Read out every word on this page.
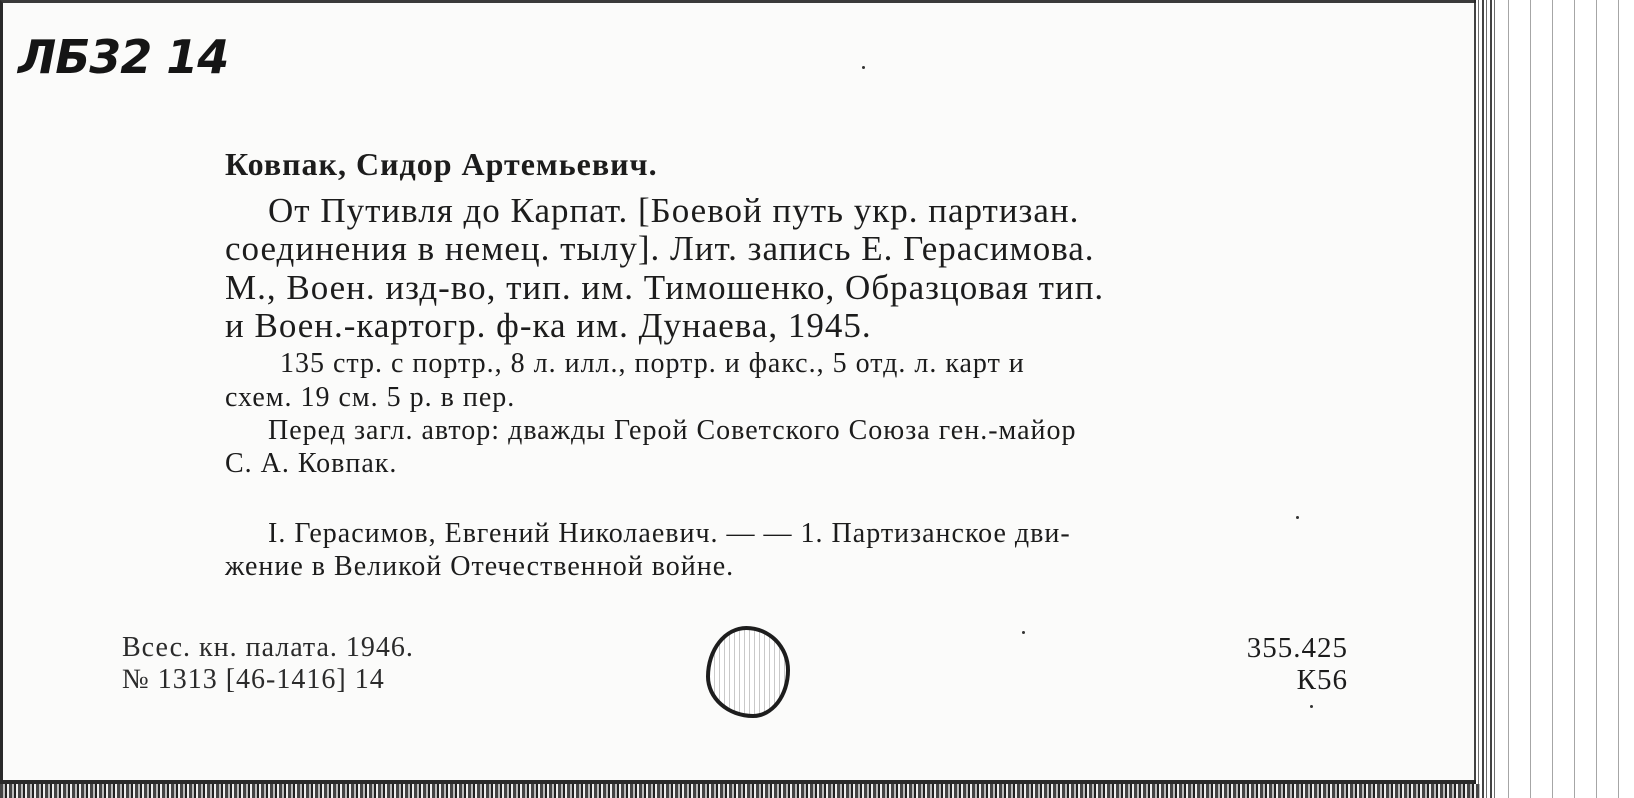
ЛБ32 14
Ковпак, Сидор Артемьевич.
От Путивля до Карпат. [Боевой путь укр. партизан.
соединения в немец. тылу]. Лит. запись Е. Герасимова.
М., Воен. изд-во, тип. им. Тимошенко, Образцовая тип.
и Воен.-картогр. ф-ка им. Дунаева, 1945.
135 стр. с портр., 8 л. илл., портр. и факс., 5 отд. л. карт и
схем. 19 см. 5 р. в пер.
Перед загл. автор: дважды Герой Советского Союза ген.-майор
С. А. Ковпак.
I. Герасимов, Евгений Николаевич. — — 1. Партизанское дви-
жение в Великой Отечественной войне.
Всес. кн. палата. 1946.
№ 1313 [46-1416] 14
355.425
К56
